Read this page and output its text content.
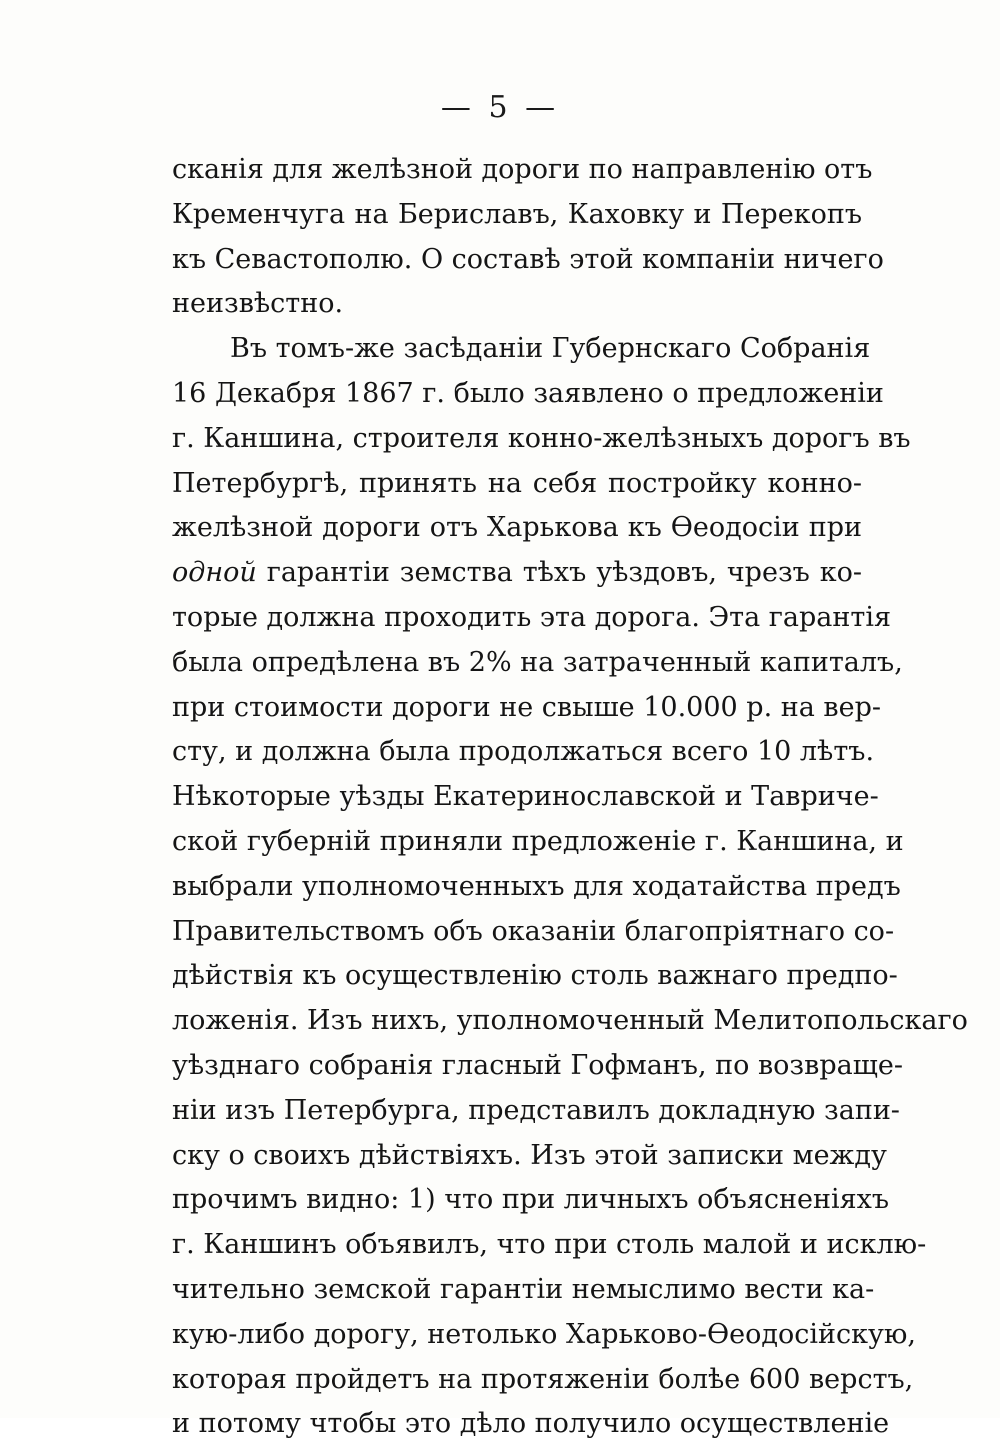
— 5 —
сканія для желѣзной дороги по направленію отъ
Кременчуга на Бериславъ, Каховку и Перекопъ
къ Севастополю. О составѣ этой компаніи ничего
неизвѣстно.
Въ томъ-же засѣданіи Губернскаго Собранія
16 Декабря 1867 г. было заявлено о предложеніи
г. Каншина, строителя конно-желѣзныхъ дорогъ въ
Петербургѣ, принять на себя постройку конно-
желѣзной дороги отъ Харькова къ Ѳеодосіи при
одной гарантіи земства тѣхъ уѣздовъ, чрезъ ко-
торые должна проходить эта дорога. Эта гарантія
была опредѣлена въ 2% на затраченный капиталъ,
при стоимости дороги не свыше 10.000 р. на вер-
сту, и должна была продолжаться всего 10 лѣтъ.
Нѣкоторые уѣзды Екатеринославской и Тавриче-
ской губерній приняли предложеніе г. Каншина, и
выбрали уполномоченныхъ для ходатайства предъ
Правительствомъ объ оказаніи благопріятнаго со-
дѣйствія къ осуществленію столь важнаго предпо-
ложенія. Изъ нихъ, уполномоченный Мелитопольскаго
уѣзднаго собранія гласный Гофманъ, по возвраще-
ніи изъ Петербурга, представилъ докладную запи-
ску о своихъ дѣйствіяхъ. Изъ этой записки между
прочимъ видно: 1) что при личныхъ объясненіяхъ
г. Каншинъ объявилъ, что при столь малой и исклю-
чительно земской гарантіи немыслимо вести ка-
кую-либо дорогу, нетолько Харьково-Ѳеодосійскую,
которая пройдетъ на протяженіи болѣе 600 верстъ,
и потому чтобы это дѣло получило осуществленіе
